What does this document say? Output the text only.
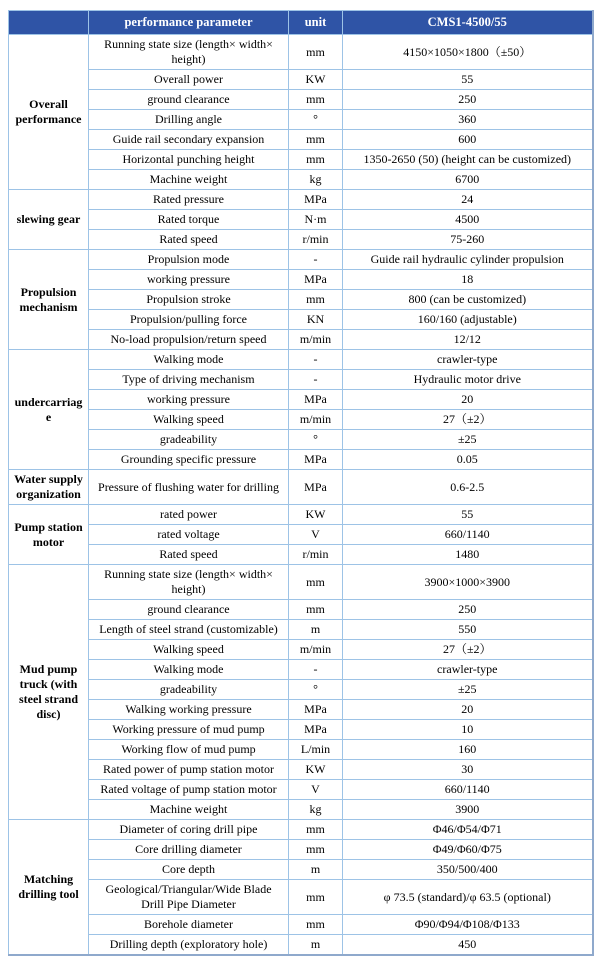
	performance parameter	unit	CMS1-4500/55
Overall performance	Running state size (length× width× height)	mm	4150×1050×1800（±50）
	Overall power	KW	55
	ground clearance	mm	250
	Drilling angle	°	360
	Guide rail secondary expansion	mm	600
	Horizontal punching height	mm	1350-2650 (50) (height can be customized)
	Machine weight	kg	6700
slewing gear	Rated pressure	MPa	24
	Rated torque	N·m	4500
	Rated speed	r/min	75-260
Propulsion mechanism	Propulsion mode	-	Guide rail hydraulic cylinder propulsion
	working pressure	MPa	18
	Propulsion stroke	mm	800 (can be customized)
	Propulsion/pulling force	KN	160/160 (adjustable)
	No-load propulsion/return speed	m/min	12/12
undercarriage	Walking mode	-	crawler-type
	Type of driving mechanism	-	Hydraulic motor drive
	working pressure	MPa	20
	Walking speed	m/min	27（±2）
	gradeability	°	±25
	Grounding specific pressure	MPa	0.05
Water supply organization	Pressure of flushing water for drilling	MPa	0.6-2.5
Pump station motor	rated power	KW	55
	rated voltage	V	660/1140
	Rated speed	r/min	1480
Mud pump truck (with steel strand disc)	Running state size (length× width× height)	mm	3900×1000×3900
	ground clearance	mm	250
	Length of steel strand (customizable)	m	550
	Walking speed	m/min	27（±2）
	Walking mode	-	crawler-type
	gradeability	°	±25
	Walking working pressure	MPa	20
	Working pressure of mud pump	MPa	10
	Working flow of mud pump	L/min	160
	Rated power of pump station motor	KW	30
	Rated voltage of pump station motor	V	660/1140
	Machine weight	kg	3900
Matching drilling tool	Diameter of coring drill pipe	mm	Φ46/Φ54/Φ71
	Core drilling diameter	mm	Φ49/Φ60/Φ75
	Core depth	m	350/500/400
	Geological/Triangular/Wide Blade Drill Pipe Diameter	mm	φ 73.5 (standard)/φ 63.5 (optional)
	Borehole diameter	mm	Φ90/Φ94/Φ108/Φ133
	Drilling depth (exploratory hole)	m	450
